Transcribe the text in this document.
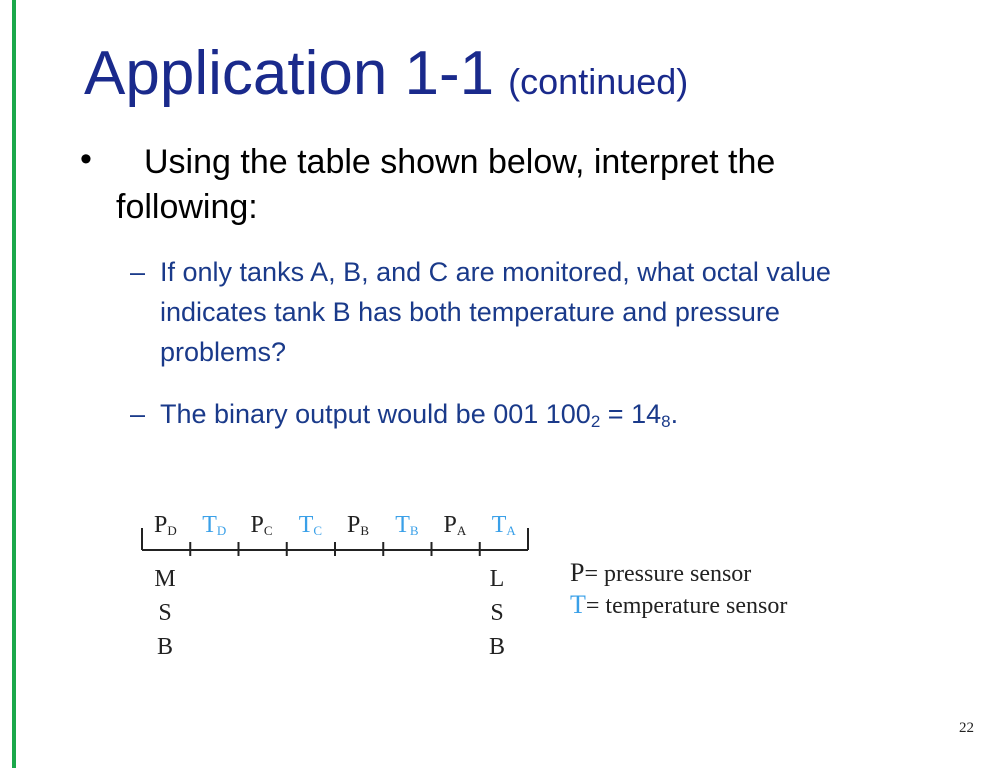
Application 1-1 (continued)
•	Using the table shown below, interpret the following:

– If only tanks A, B, and C are monitored, what octal value indicates tank B has both temperature and pressure problems?
– The binary output would be 001 $100_2 = 14_8$.
M
S
B
L
S
B
$P_D$ $T_D$ $P_C$ $T_C$ $P_B$ $T_B$ $P_A$ $T_A$
P= pressure sensor
T= temperature sensor
22
